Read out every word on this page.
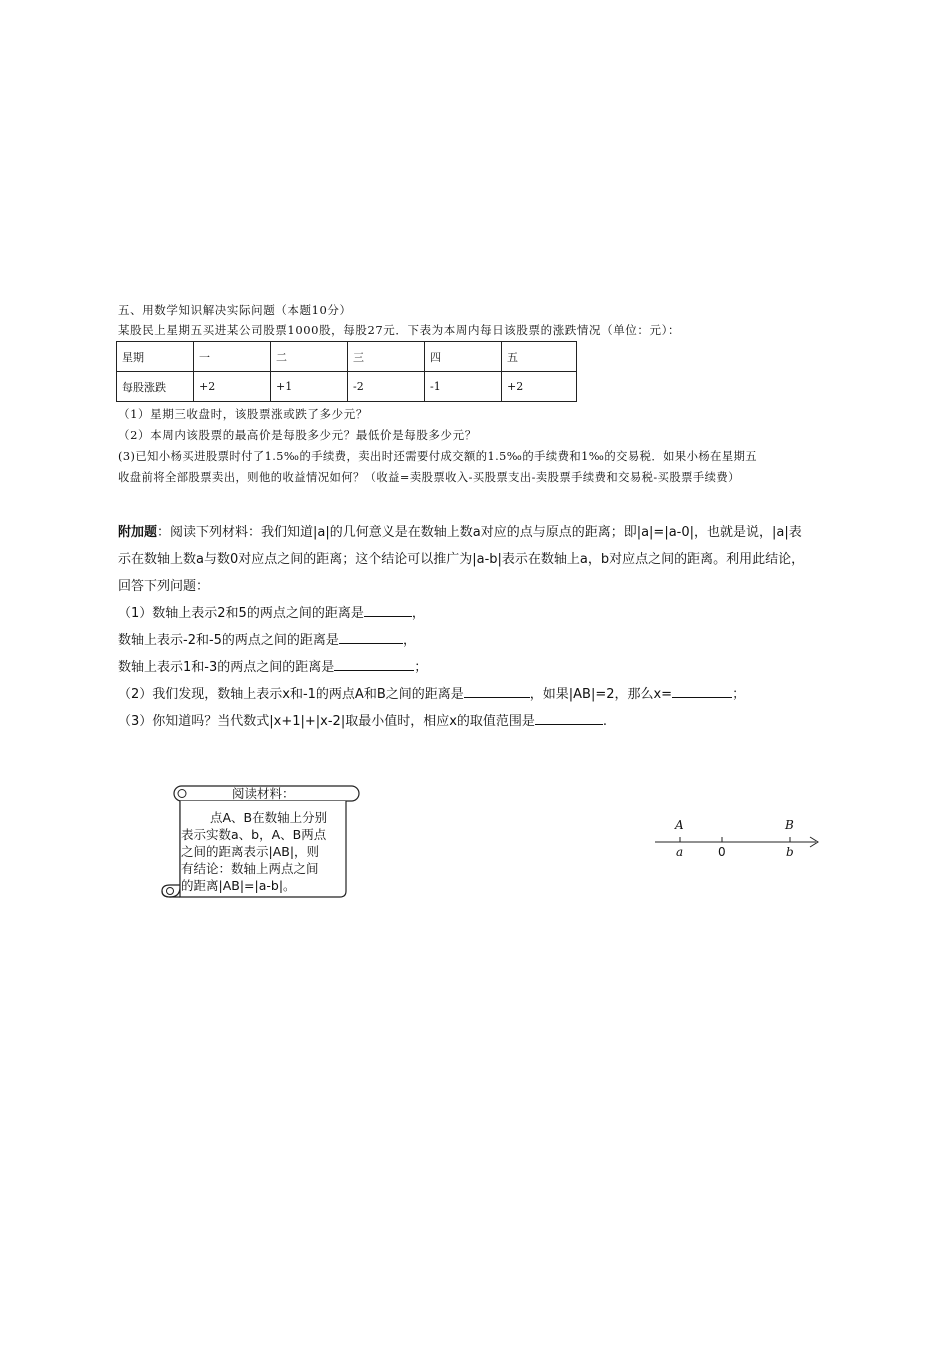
五、用数学知识解决实际问题（本题10分）
某股民上星期五买进某公司股票1000股，每股27元．下表为本周内每日该股票的涨跌情况（单位：元）：
星期	一	二	三	四	五
每股涨跌	+2	+1	-2	-1	+2
（1）星期三收盘时，该股票涨或跌了多少元？
（2）本周内该股票的最高价是每股多少元？最低价是每股多少元？
(3)已知小杨买进股票时付了1.5‰的手续费，卖出时还需要付成交额的1.5‰的手续费和1‰的交易税．如果小杨在星期五
收盘前将全部股票卖出，则他的收益情况如何？（收益=卖股票收入-买股票支出-卖股票手续费和交易税-买股票手续费）
附加题：阅读下列材料：我们知道|a|的几何意义是在数轴上数a对应的点与原点的距离；即|a|=|a-0|，也就是说，|a|表
示在数轴上数a与数0对应点之间的距离；这个结论可以推广为|a-b|表示在数轴上a，b对应点之间的距离。利用此结论，
回答下列问题：
（1）数轴上表示2和5的两点之间的距离是	，
数轴上表示-2和-5的两点之间的距离是	，
数轴上表示1和-3的两点之间的距离是	；
（2）我们发现，数轴上表示x和-1的两点A和B之间的距离是	，如果|AB|=2，那么x=	；
（3）你知道吗？当代数式|x+1|+|x-2|取最小值时，相应x的取值范围是	.
阅读材料：
点A、B在数轴上分别
表示实数a、b，A、B两点
之间的距离表示|AB|，则
有结论：数轴上两点之间
的距离|AB|=|a-b|。
A	B
a	0	b
